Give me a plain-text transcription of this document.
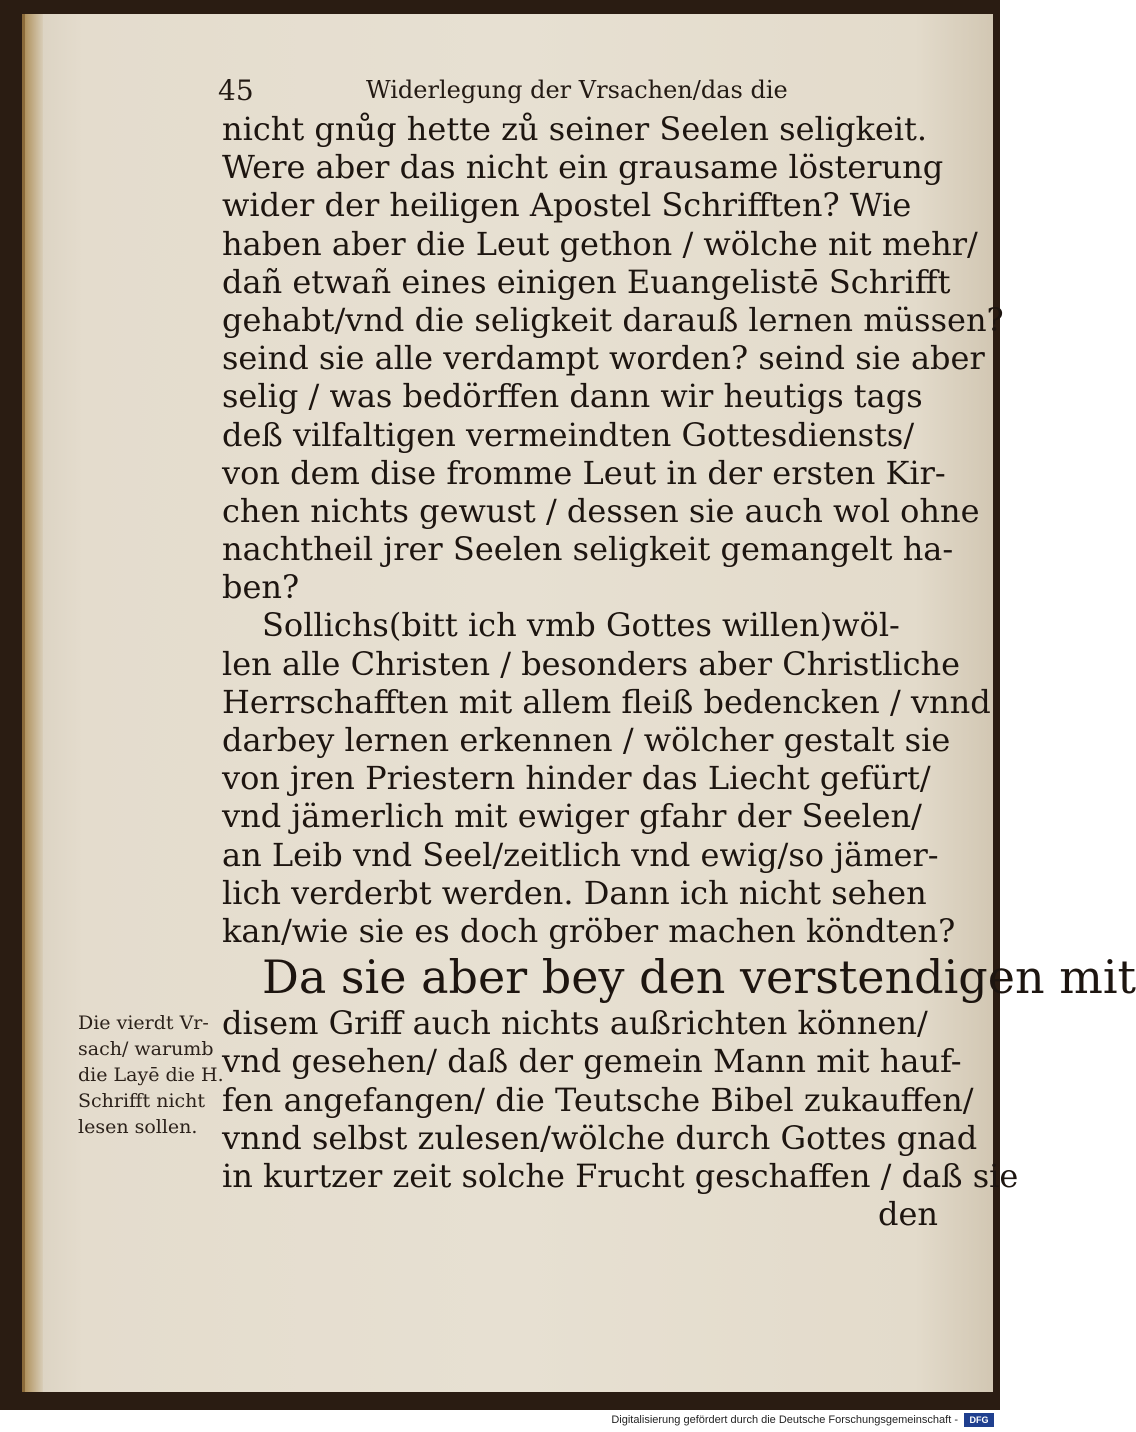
45	Widerlegung der Vrsachen/das die
nicht gnůg hette zů seiner Seelen seligkeit.
Were aber das nicht ein grausame lösterung
wider der heiligen Apostel Schrifften? Wie
haben aber die Leut gethon / wölche nit mehr/
dañ etwañ eines einigen Euangelistē Schrifft
gehabt/vnd die seligkeit darauß lernen müssen?
seind sie alle verdampt worden? seind sie aber
selig / was bedörffen dann wir heutigs tags
deß vilfaltigen vermeindten Gottesdiensts/
von dem dise fromme Leut in der ersten Kir-
chen nichts gewust / dessen sie auch wol ohne
nachtheil jrer Seelen seligkeit gemangelt ha-
ben?
Sollichs(bitt ich vmb Gottes willen)wöl-
len alle Christen / besonders aber Christliche
Herrschafften mit allem fleiß bedencken / vnnd
darbey lernen erkennen / wölcher gestalt sie
von jren Priestern hinder das Liecht gefürt/
vnd jämerlich mit ewiger gfahr der Seelen/
an Leib vnd Seel/zeitlich vnd ewig/so jämer-
lich verderbt werden. Dann ich nicht sehen
kan/wie sie es doch gröber machen köndten?
Da sie aber bey den verstendigen mit
disem Griff auch nichts außrichten können/
vnd gesehen/ daß der gemein Mann mit hauf-
fen angefangen/ die Teutsche Bibel zukauffen/
vnnd selbst zulesen/wölche durch Gottes gnad
in kurtzer zeit solche Frucht geschaffen / daß sie
den
Die vierdt Vr-
sach/ warumb
die Layē die H.
Schrifft nicht
lesen sollen.
Digitalisierung gefördert durch die Deutsche Forschungsgemeinschaft -	DFG
